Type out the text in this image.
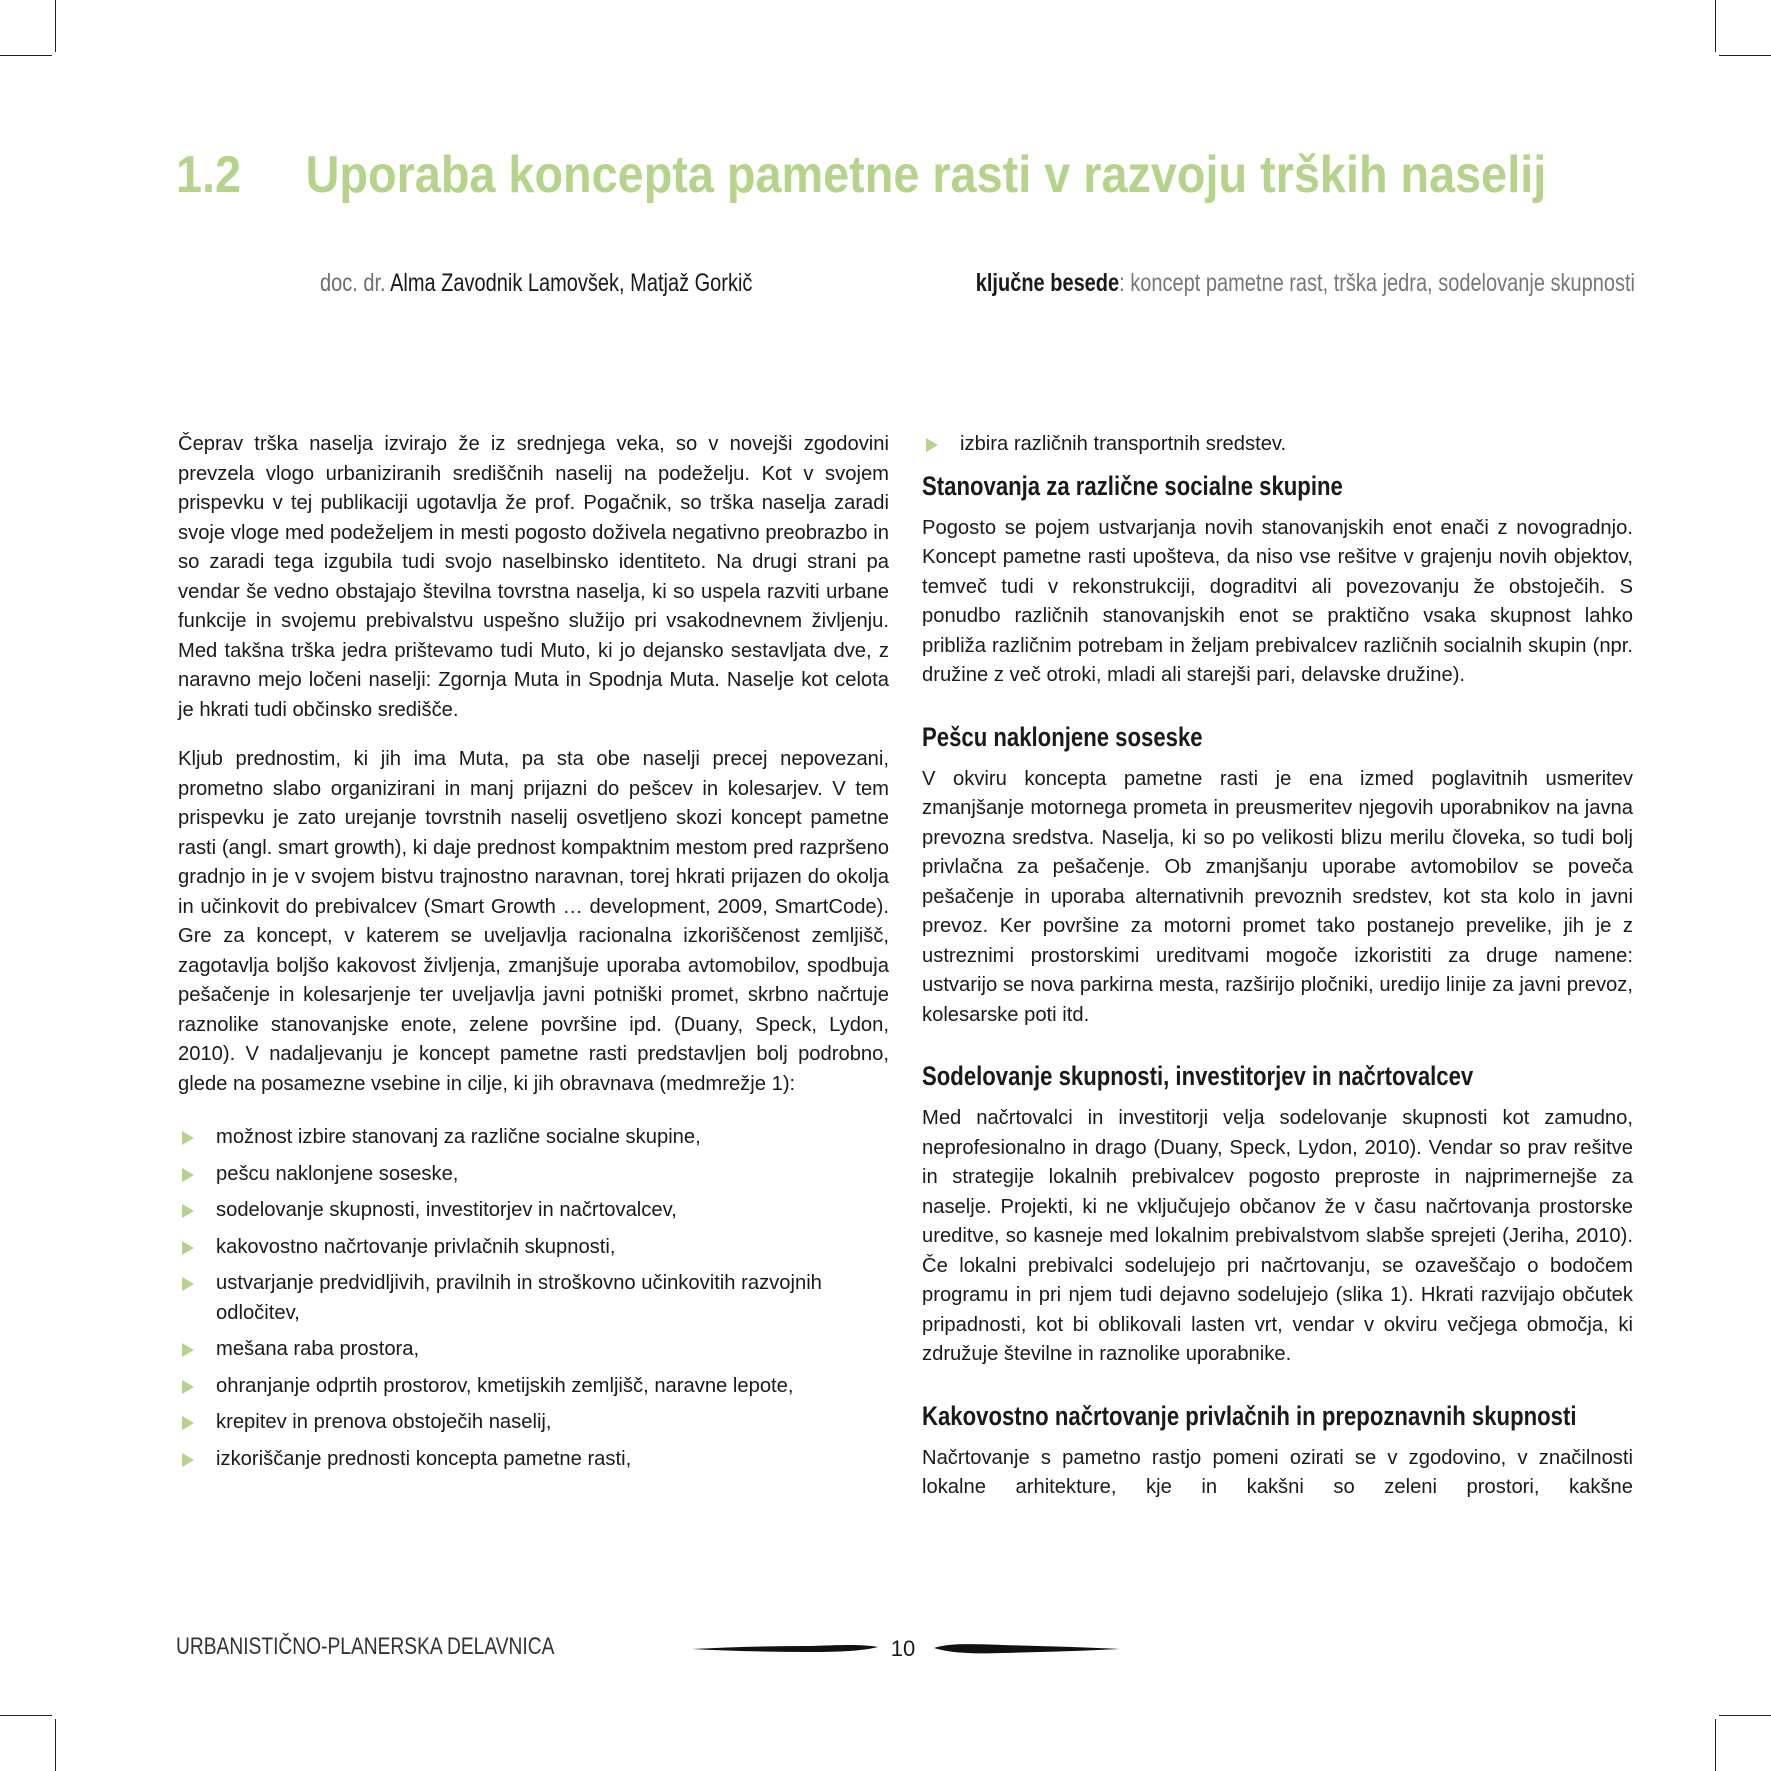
1.2 Uporaba koncepta pametne rasti v razvoju trških naselij
doc. dr. Alma Zavodnik Lamovšek, Matjaž Gorkič	ključne besede: koncept pametne rast, trška jedra, sodelovanje skupnosti

Čeprav trška naselja izvirajo že iz srednjega veka, so v novejši zgodovini prevzela vlogo urbaniziranih središčnih naselij na podeželju. Kot v svojem prispevku v tej publikaciji ugotavlja že prof. Pogačnik, so trška naselja zaradi svoje vloge med podeželjem in mesti pogosto doživela negativno preobrazbo in so zaradi tega izgubila tudi svojo naselbinsko identiteto. Na drugi strani pa vendar še vedno obstajajo številna tovrstna naselja, ki so uspela razviti urbane funkcije in svojemu prebivalstvu uspešno služijo pri vsakodnevnem življenju. Med takšna trška jedra prištevamo tudi Muto, ki jo dejansko sestavljata dve, z naravno mejo ločeni naselji: Zgornja Muta in Spodnja Muta. Naselje kot celota je hkrati tudi občinsko središče.

Kljub prednostim, ki jih ima Muta, pa sta obe naselji precej nepovezani, prometno slabo organizirani in manj prijazni do pešcev in kolesarjev. V tem prispevku je zato urejanje tovrstnih naselij osvetljeno skozi koncept pametne rasti (angl. smart growth), ki daje prednost kompaktnim mestom pred razpršeno gradnjo in je v svojem bistvu trajnostno naravnan, torej hkrati prijazen do okolja in učinkovit do prebivalcev (Smart Growth … development, 2009, SmartCode). Gre za koncept, v katerem se uveljavlja racionalna izkoriščenost zemljišč, zagotavlja boljšo kakovost življenja, zmanjšuje uporaba avtomobilov, spodbuja pešačenje in kolesarjenje ter uveljavlja javni potniški promet, skrbno načrtuje raznolike stanovanjske enote, zelene površine ipd. (Duany, Speck, Lydon, 2010). V nadaljevanju je koncept pametne rasti predstavljen bolj podrobno, glede na posamezne vsebine in cilje, ki jih obravnava (medmrežje 1):

možnost izbire stanovanj za različne socialne skupine,
pešcu naklonjene soseske,
sodelovanje skupnosti, investitorjev in načrtovalcev,
kakovostno načrtovanje privlačnih skupnosti,
ustvarjanje predvidljivih, pravilnih in stroškovno učinkovitih razvojnih odločitev,
mešana raba prostora,
ohranjanje odprtih prostorov, kmetijskih zemljišč, naravne lepote,
krepitev in prenova obstoječih naselij,
izkoriščanje prednosti koncepta pametne rasti,
izbira različnih transportnih sredstev.
Stanovanja za različne socialne skupine

Pogosto se pojem ustvarjanja novih stanovanjskih enot enači z novogradnjo. Koncept pametne rasti upošteva, da niso vse rešitve v grajenju novih objektov, temveč tudi v rekonstrukciji, dograditvi ali povezovanju že obstoječih. S ponudbo različnih stanovanjskih enot se praktično vsaka skupnost lahko približa različnim potrebam in željam prebivalcev različnih socialnih skupin (npr. družine z več otroki, mladi ali starejši pari, delavske družine).

Pešcu naklonjene soseske

V okviru koncepta pametne rasti je ena izmed poglavitnih usmeritev zmanjšanje motornega prometa in preusmeritev njegovih uporabnikov na javna prevozna sredstva. Naselja, ki so po velikosti blizu merilu človeka, so tudi bolj privlačna za pešačenje. Ob zmanjšanju uporabe avtomobilov se poveča pešačenje in uporaba alternativnih prevoznih sredstev, kot sta kolo in javni prevoz. Ker površine za motorni promet tako postanejo prevelike, jih je z ustreznimi prostorskimi ureditvami mogoče izkoristiti za druge namene: ustvarijo se nova parkirna mesta, razširijo pločniki, uredijo linije za javni prevoz, kolesarske poti itd.

Sodelovanje skupnosti, investitorjev in načrtovalcev

Med načrtovalci in investitorji velja sodelovanje skupnosti kot zamudno, neprofesionalno in drago (Duany, Speck, Lydon, 2010). Vendar so prav rešitve in strategije lokalnih prebivalcev pogosto preproste in najprimernejše za naselje. Projekti, ki ne vključujejo občanov že v času načrtovanja prostorske ureditve, so kasneje med lokalnim prebivalstvom slabše sprejeti (Jeriha, 2010). Če lokalni prebivalci sodelujejo pri načrtovanju, se ozaveščajo o bodočem programu in pri njem tudi dejavno sodelujejo (slika 1). Hkrati razvijajo občutek pripadnosti, kot bi oblikovali lasten vrt, vendar v okviru večjega območja, ki združuje številne in raznolike uporabnike.

Kakovostno načrtovanje privlačnih in prepoznavnih skupnosti

Načrtovanje s pametno rastjo pomeni ozirati se v zgodovino, v značilnosti lokalne arhitekture, kje in kakšni so zeleni prostori, kakšne

URBANISTIČNO-PLANERSKA DELAVNICA	10
